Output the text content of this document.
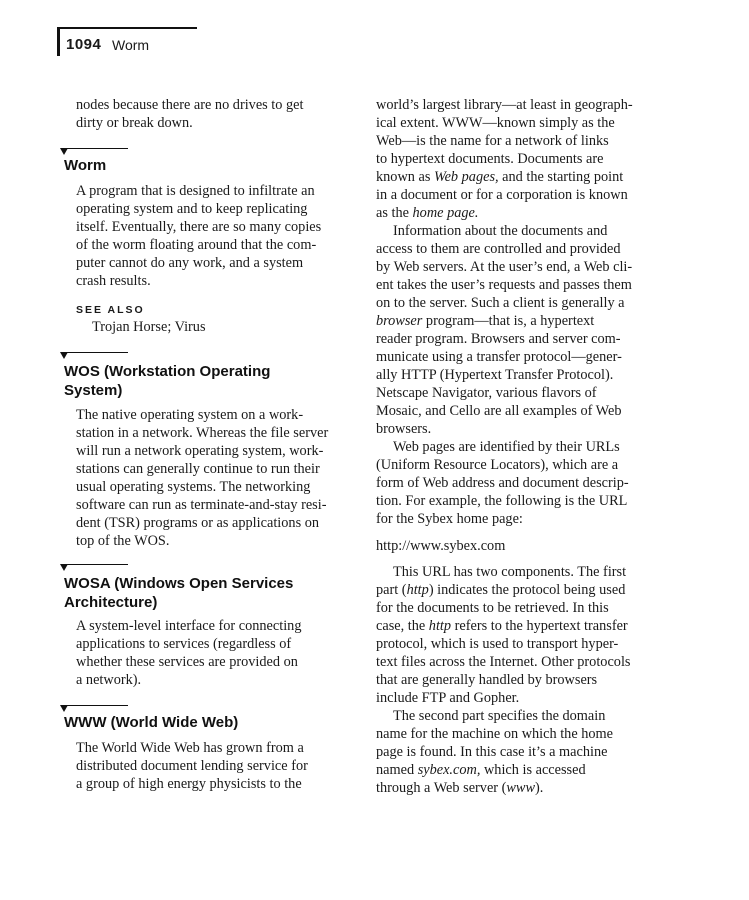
1094 Worm

nodes because there are no drives to get

dirty or break down.

Worm

A program that is designed to infiltrate an

operating system and to keep replicating

itself. Eventually, there are so many copies

of the worm floating around that the com-

puter cannot do any work, and a system

crash results.

SEE ALSO
Trojan Horse; Virus
WOS (Workstation Operating
System)

The native operating system on a work-

station in a network. Whereas the file server

will run a network operating system, work-

stations can generally continue to run their

usual operating systems. The networking

software can run as terminate-and-stay resi-

dent (TSR) programs or as applications on

top of the WOS.

WOSA (Windows Open Services
Architecture)

A system-level interface for connecting

applications to services (regardless of

whether these services are provided on

a network).

WWW (World Wide Web)

The World Wide Web has grown from a

distributed document lending service for

a group of high energy physicists to the

world’s largest library—at least in geograph-

ical extent. WWW—known simply as the

Web—is the name for a network of links

to hypertext documents. Documents are

known as Web pages, and the starting point

in a document or for a corporation is known

as the home page.

Information about the documents and

access to them are controlled and provided

by Web servers. At the user’s end, a Web cli-

ent takes the user’s requests and passes them

on to the server. Such a client is generally a

browser program—that is, a hypertext

reader program. Browsers and server com-

municate using a transfer protocol—gener-

ally HTTP (Hypertext Transfer Protocol).

Netscape Navigator, various flavors of

Mosaic, and Cello are all examples of Web

browsers.

Web pages are identified by their URLs

(Uniform Resource Locators), which are a

form of Web address and document descrip-

tion. For example, the following is the URL

for the Sybex home page:

http://www.sybex.com

This URL has two components. The first

part (http) indicates the protocol being used

for the documents to be retrieved. In this

case, the http refers to the hypertext transfer

protocol, which is used to transport hyper-

text files across the Internet. Other protocols

that are generally handled by browsers

include FTP and Gopher.

The second part specifies the domain

name for the machine on which the home

page is found. In this case it’s a machine

named sybex.com, which is accessed

through a Web server (www).
